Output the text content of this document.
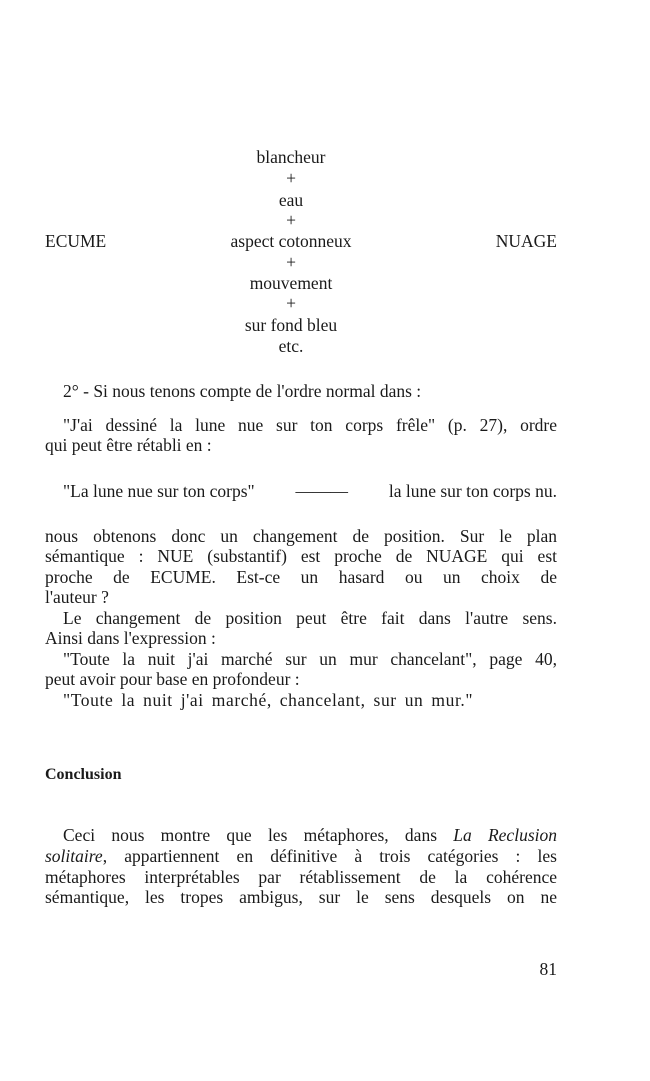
blancheur
+
eau
+
aspect cotonneux
+
mouvement
+
sur fond bleu
etc.
ECUME	NUAGE
2° - Si nous tenons compte de l'ordre normal dans :
"J'ai dessiné la lune nue sur ton corps frêle" (p. 27), ordre
qui peut être rétabli en :
"La lune nue sur ton corps" ——— la lune sur ton corps nu.
nous obtenons donc un changement de position. Sur le plan
sémantique : NUE (substantif) est proche de NUAGE qui est
proche de ECUME. Est-ce un hasard ou un choix de
l'auteur ?
Le changement de position peut être fait dans l'autre sens.
Ainsi dans l'expression :
"Toute la nuit j'ai marché sur un mur chancelant", page 40,
peut avoir pour base en profondeur :
"Toute la nuit j'ai marché, chancelant, sur un mur."
Conclusion
Ceci nous montre que les métaphores, dans La Reclusion
solitaire, appartiennent en définitive à trois catégories : les
métaphores interprétables par rétablissement de la cohérence
sémantique, les tropes ambigus, sur le sens desquels on ne
81
